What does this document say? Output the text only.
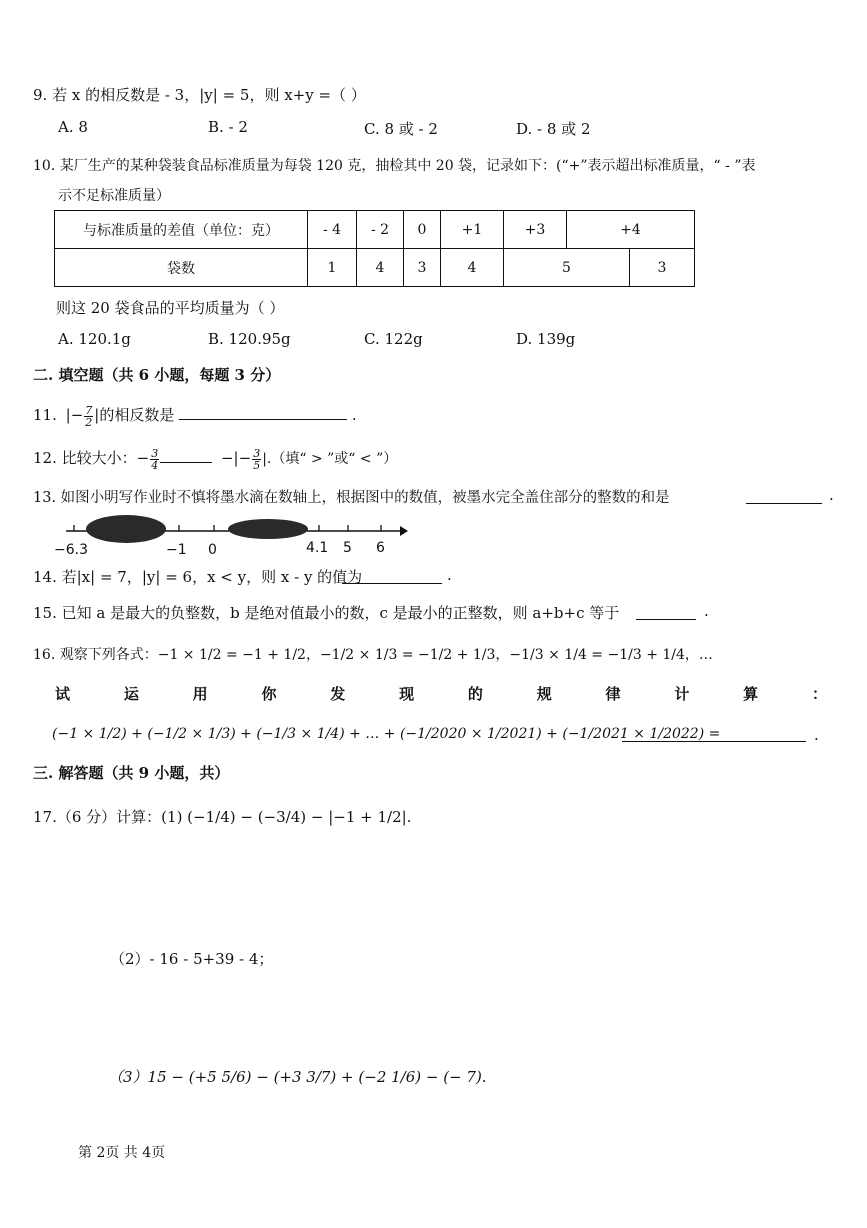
9. 若 x 的相反数是 - 3，|y| = 5，则 x+y =（ ）
A. 8	B. - 2	C. 8 或 - 2	D. - 8 或 2
10. 某厂生产的某种袋装食品标准质量为每袋 120 克，抽检其中 20 袋，记录如下：(“+”表示超出标准质量，“ - ”表
示不足标准质量）
与标准质量的差值（单位：克）	- 4	- 2	0	+1	+3	+4	
袋数	1	4	3	4	5		3
则这 20 袋食品的平均质量为（ ）
A. 120.1g	B. 120.95g	C. 122g	D. 139g
二. 填空题（共 6 小题，每题 3 分）
11. |− $\frac{7}{2}$ |的相反数是	.
12. 比较大小：− $\frac{3}{4}$	−|− $\frac{3}{5}$ |.（填“ > ”或“ < ”）
13. 如图小明写作业时不慎将墨水滴在数轴上，根据图中的数值，被墨水完全盖住部分的整数的和是	.
−6.3	−1 0	4.1 5 6
14. 若|x| = 7，|y| = 6，x < y，则 x - y 的值为	.
15. 已知 a 是最大的负整数，b 是绝对值最小的数，c 是最小的正整数，则 a+b+c 等于	.
16. 观察下列各式：−1 × 1/2 = −1 + 1/2，−1/2 × 1/3 = −1/2 + 1/3，−1/3 × 1/4 = −1/3 + 1/4，…
试	运	用	你	发	现	的	规	律	计	算	：
(−1 × 1/2) + (−1/2 × 1/3) + (−1/3 × 1/4) + … + (−1/2020 × 1/2021) + (−1/2021 × 1/2022) =	.
三. 解答题（共 9 小题，共）
17.（6 分）计算：(1) (−1/4) − (−3/4) − |−1 + 1/2|.
（2）- 16 - 5+39 - 4；
（3）15 − (+5 5/6) − (+3 3/7) + (−2 1/6) − (− 7).
第 2页 共 4页
